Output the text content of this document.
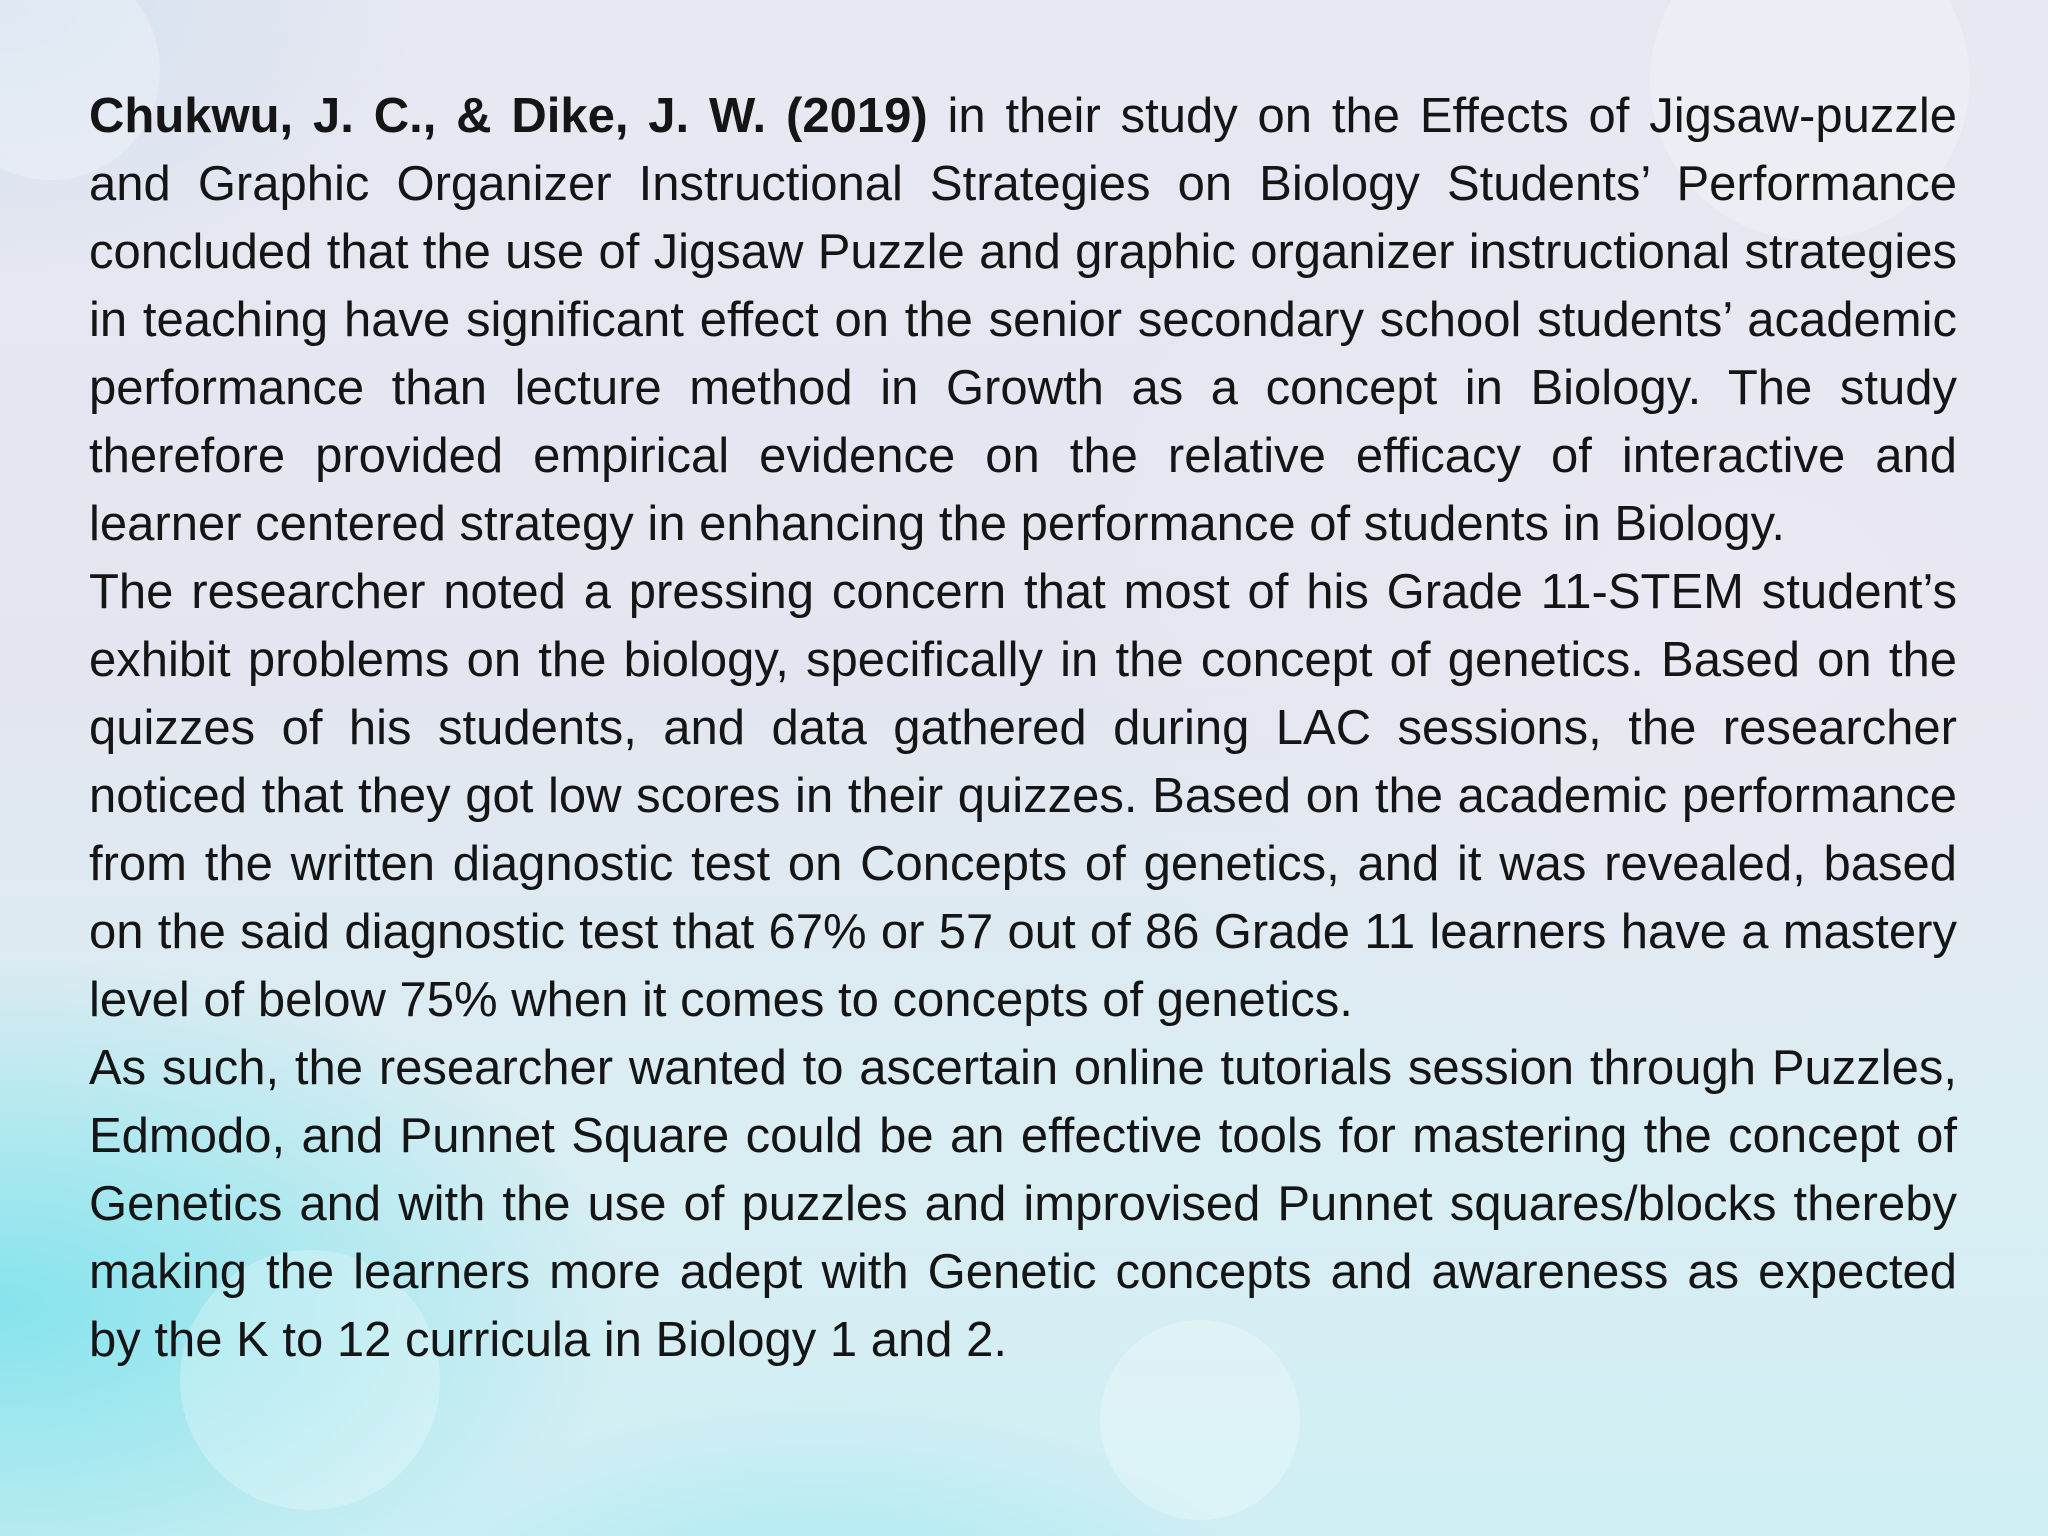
Chukwu, J. C., & Dike, J. W. (2019) in their study on the Effects of Jigsaw-puzzle and Graphic Organizer Instructional Strategies on Biology Students’ Performance concluded that the use of Jigsaw Puzzle and graphic organizer instructional strategies in teaching have significant effect on the senior secondary school students’ academic performance than lecture method in Growth as a concept in Biology. The study therefore provided empirical evidence on the relative efficacy of interactive and learner centered strategy in enhancing the performance of students in Biology.

The researcher noted a pressing concern that most of his Grade 11-STEM student’s exhibit problems on the biology, specifically in the concept of genetics. Based on the quizzes of his students, and data gathered during LAC sessions, the researcher noticed that they got low scores in their quizzes. Based on the academic performance from the written diagnostic test on Concepts of genetics, and it was revealed, based on the said diagnostic test that 67% or 57 out of 86 Grade 11 learners have a mastery level of below 75% when it comes to concepts of genetics.

As such, the researcher wanted to ascertain online tutorials session through Puzzles, Edmodo, and Punnet Square could be an effective tools for mastering the concept of Genetics and with the use of puzzles and improvised Punnet squares/blocks thereby making the learners more adept with Genetic concepts and awareness as expected by the K to 12 curricula in Biology 1 and 2.
